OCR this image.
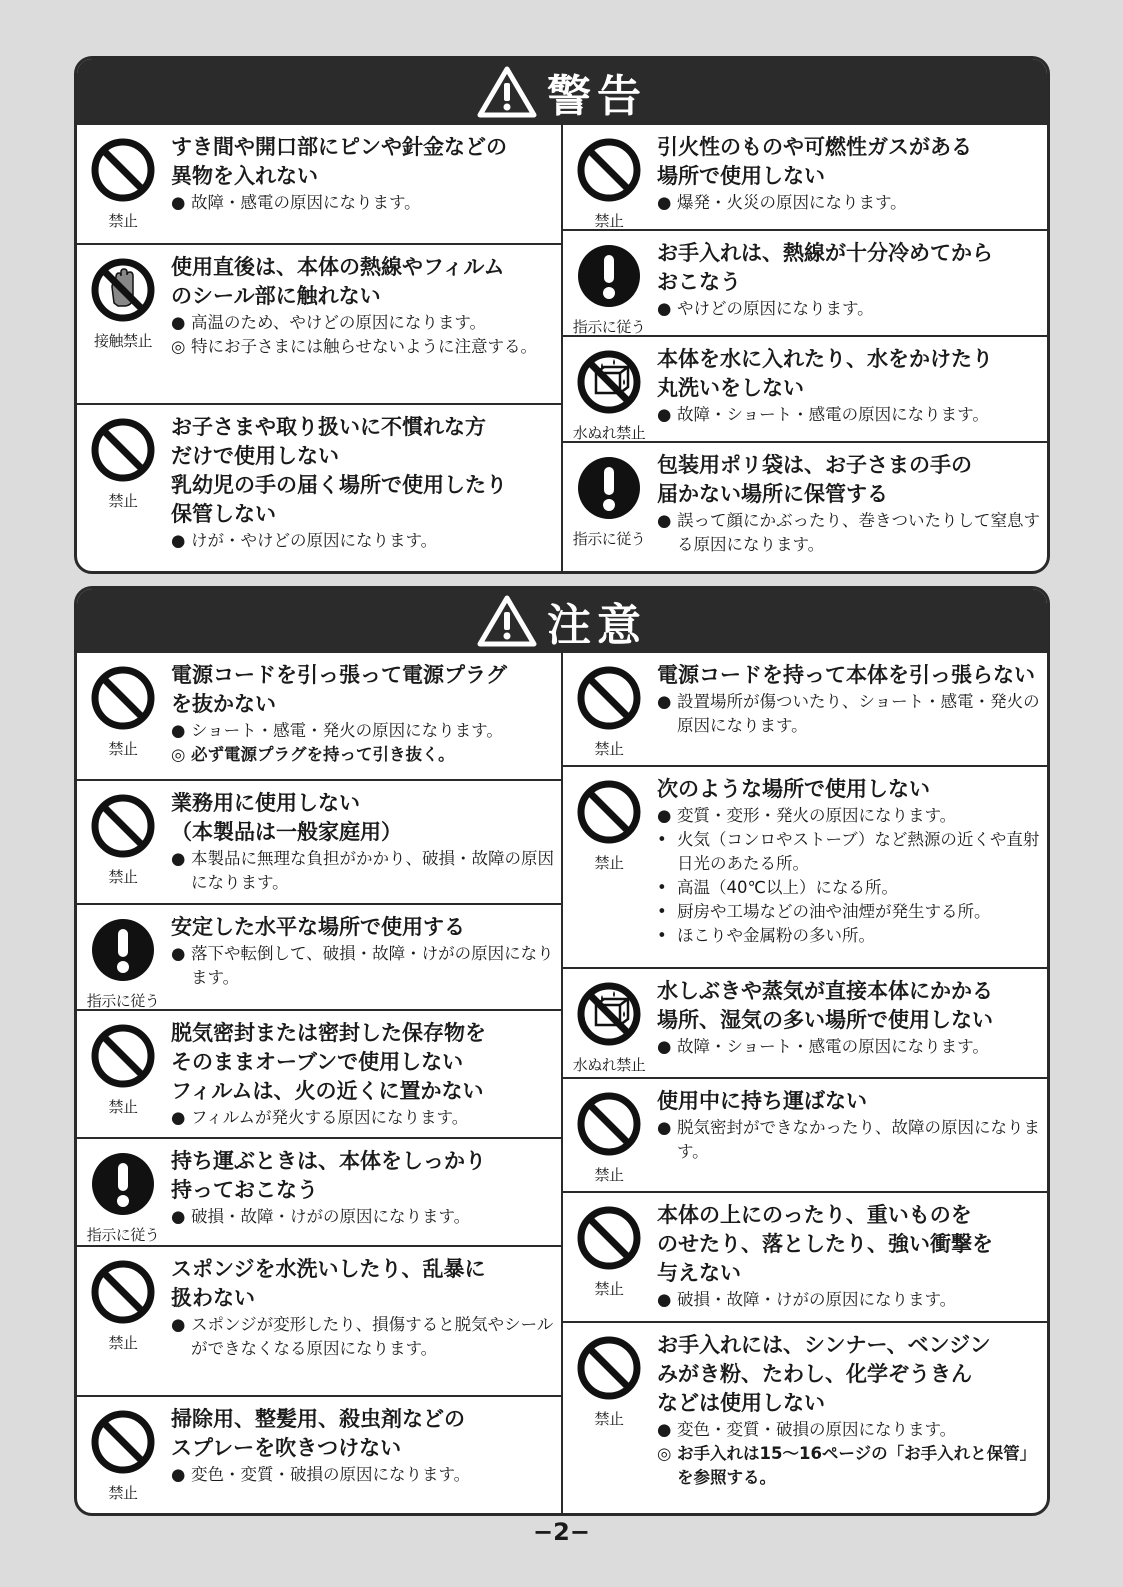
警告
禁止
すき間や開口部にピンや針金などの
異物を入れない
● 故障・感電の原因になります。
接触禁止
使用直後は、本体の熱線やフィルム
のシール部に触れない
● 高温のため、やけどの原因になります。
◎ 特にお子さまには触らせないように注意する。
禁止
お子さまや取り扱いに不慣れな方
だけで使用しない
乳幼児の手の届く場所で使用したり
保管しない
● けが・やけどの原因になります。
禁止
引火性のものや可燃性ガスがある
場所で使用しない
● 爆発・火災の原因になります。
指示に従う
お手入れは、熱線が十分冷めてから
おこなう
● やけどの原因になります。
水ぬれ禁止
本体を水に入れたり、水をかけたり
丸洗いをしない
● 故障・ショート・感電の原因になります。
指示に従う
包装用ポリ袋は、お子さまの手の
届かない場所に保管する
● 誤って顔にかぶったり、巻きついたりして窒息する原因になります。
注意
禁止
電源コードを引っ張って電源プラグ
を抜かない
● ショート・感電・発火の原因になります。
◎ 必ず電源プラグを持って引き抜く。
禁止
業務用に使用しない
（本製品は一般家庭用）
● 本製品に無理な負担がかかり、破損・故障の原因になります。
指示に従う
安定した水平な場所で使用する
● 落下や転倒して、破損・故障・けがの原因になります。
禁止
脱気密封または密封した保存物を
そのままオーブンで使用しない
フィルムは、火の近くに置かない
● フィルムが発火する原因になります。
指示に従う
持ち運ぶときは、本体をしっかり
持っておこなう
● 破損・故障・けがの原因になります。
禁止
スポンジを水洗いしたり、乱暴に
扱わない
● スポンジが変形したり、損傷すると脱気やシールができなくなる原因になります。
禁止
掃除用、整髪用、殺虫剤などの
スプレーを吹きつけない
● 変色・変質・破損の原因になります。
禁止
電源コードを持って本体を引っ張らない
● 設置場所が傷ついたり、ショート・感電・発火の原因になります。
禁止
次のような場所で使用しない
● 変質・変形・発火の原因になります。
• 火気（コンロやストーブ）など熱源の近くや直射日光のあたる所。
• 高温（40℃以上）になる所。
• 厨房や工場などの油や油煙が発生する所。
• ほこりや金属粉の多い所。
水ぬれ禁止
水しぶきや蒸気が直接本体にかかる
場所、湿気の多い場所で使用しない
● 故障・ショート・感電の原因になります。
禁止
使用中に持ち運ばない
● 脱気密封ができなかったり、故障の原因になります。
禁止
本体の上にのったり、重いものを
のせたり、落としたり、強い衝撃を
与えない
● 破損・故障・けがの原因になります。
禁止
お手入れには、シンナー、ベンジン
みがき粉、たわし、化学ぞうきん
などは使用しない
● 変色・変質・破損の原因になります。
◎ お手入れは15〜16ページの「お手入れと保管」を参照する。
−2−
